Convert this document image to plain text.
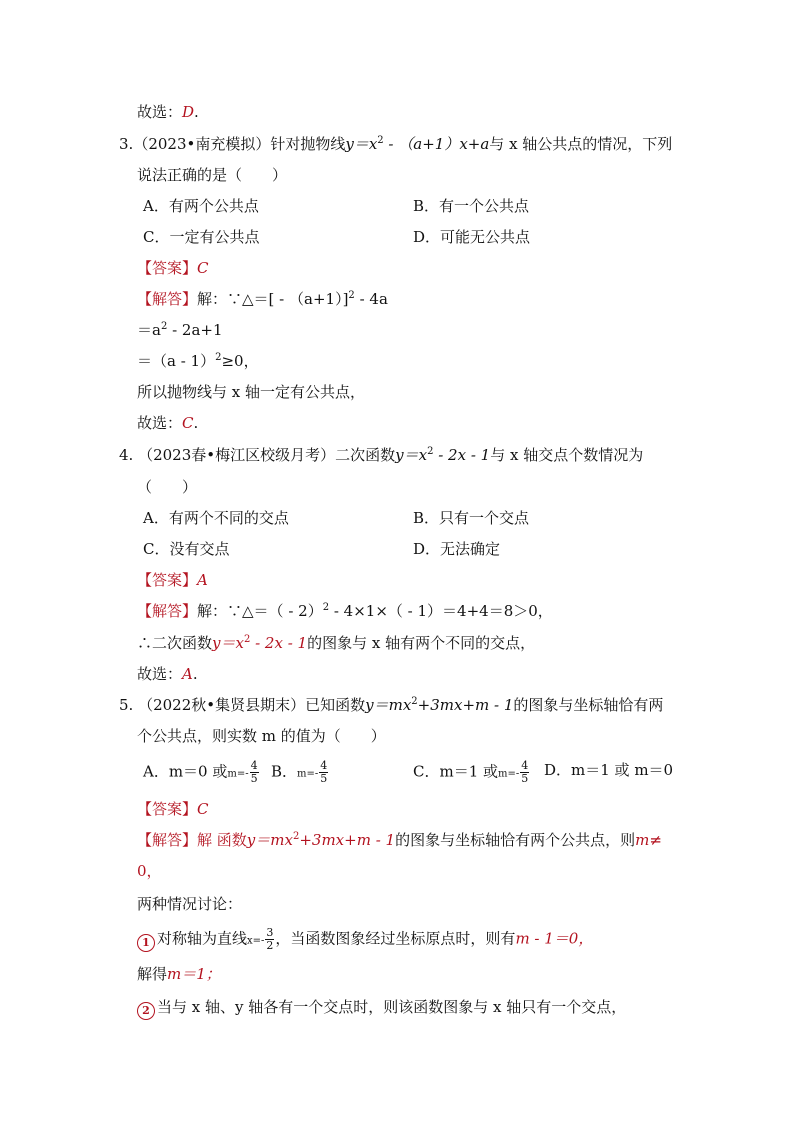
故选：D.
3.（2023•南充模拟）针对抛物线$y=x^2 - (a+1)x+a$与 x 轴公共点的情况，下列
说法正确的是（　　）
A．有两个公共点	B．有一个公共点
C．一定有公共点	D．可能无公共点
【答案】C
【解答】解：∵△＝[ - （a+1）]$^2$ - 4a
$=a^2 - 2a+1$
＝（a - 1）$^2$≥0，
所以抛物线与 x 轴一定有公共点，
故选：C.
4. （2023春•梅江区校级月考）二次函数$y=x^2 - 2x - 1$与 x 轴交点个数情况为
（　　）
A．有两个不同的交点	B．只有一个交点
C．没有交点	D．无法确定
【答案】A
【解答】解：∵△＝（ - 2）$^2$ - 4×1×（ - 1）＝4+4＝8＞0，
∴二次函数$y=x^2 - 2x - 1$的图象与 x 轴有两个不同的交点，
故选：A.
5. （2022秋•集贤县期末）已知函数$y=mx^2+3mx+m - 1$的图象与坐标轴恰有两
个公共点，则实数 m 的值为（　　）
A．m＝0 或$m=- \frac{4}{5}$ B．$m=- \frac{4}{5}$	C．m＝1 或$m=- \frac{4}{5}$ D．m＝1 或 m＝0
【答案】C
【解答】解 函数$y=mx^2+3mx+m - 1$的图象与坐标轴恰有两个公共点，则m≠
0，
两种情况讨论：
1 对称轴为直线$x=- \frac{3}{2}$ ，当函数图象经过坐标原点时，则有m - 1＝0，
解得m＝1；
2 当与 x 轴、y 轴各有一个交点时，则该函数图象与 x 轴只有一个交点，
